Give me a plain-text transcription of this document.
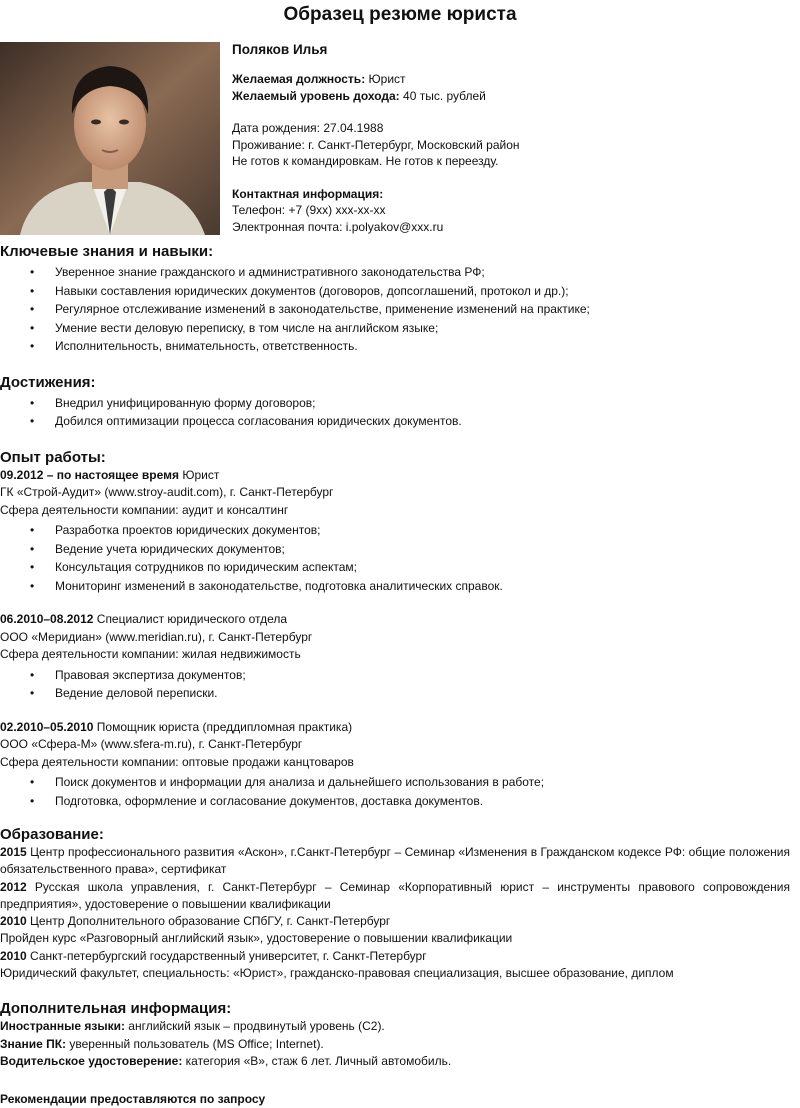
Образец резюме юриста
Поляков Илья
Желаемая должность: Юрист
Желаемый уровень дохода: 40 тыс. рублей
Дата рождения: 27.04.1988
Проживание: г. Санкт-Петербург, Московский район
Не готов к командировкам. Не готов к переезду.
Контактная информация:
Телефон: +7 (9xx) xxx-xx-xx
Электронная почта: i.polyakov@xxx.ru
Ключевые знания и навыки:
• Уверенное знание гражданского и административного законодательства РФ;
• Навыки составления юридических документов (договоров, допсоглашений, протокол и др.);
• Регулярное отслеживание изменений в законодательстве, применение изменений на практике;
• Умение вести деловую переписку, в том числе на английском языке;
• Исполнительность, внимательность, ответственность.
Достижения:
• Внедрил унифицированную форму договоров;
• Добился оптимизации процесса согласования юридических документов.
Опыт работы:
09.2012 – по настоящее время Юрист
ГК «Строй-Аудит» (www.stroy-audit.com), г. Санкт-Петербург
Сфера деятельности компании: аудит и консалтинг
• Разработка проектов юридических документов;
• Ведение учета юридических документов;
• Консультация сотрудников по юридическим аспектам;
• Мониторинг изменений в законодательстве, подготовка аналитических справок.
06.2010–08.2012 Специалист юридического отдела
ООО «Меридиан» (www.meridian.ru), г. Санкт-Петербург
Сфера деятельности компании: жилая недвижимость
• Правовая экспертиза документов;
• Ведение деловой переписки.
02.2010–05.2010 Помощник юриста (преддипломная практика)
ООО «Сфера-М» (www.sfera-m.ru), г. Санкт-Петербург
Сфера деятельности компании: оптовые продажи канцтоваров
• Поиск документов и информации для анализа и дальнейшего использования в работе;
• Подготовка, оформление и согласование документов, доставка документов.
Образование:
2015 Центр профессионального развития «Аскон», г.Санкт-Петербург – Семинар «Изменения в Гражданском кодексе РФ: общие положения обязательственного права», сертификат
2012 Русская школа управления, г. Санкт-Петербург – Семинар «Корпоративный юрист – инструменты правового сопровождения предприятия», удостоверение о повышении квалификации
2010 Центр Дополнительного образование СПбГУ, г. Санкт-Петербург
Пройден курс «Разговорный английский язык», удостоверение о повышении квалификации
2010 Санкт-петербургский государственный университет, г. Санкт-Петербург
Юридический факультет, специальность: «Юрист», гражданско-правовая специализация, высшее образование, диплом
Дополнительная информация:
Иностранные языки: английский язык – продвинутый уровень (C2).
Знание ПК: уверенный пользователь (MS Office; Internet).
Водительское удостоверение: категория «В», стаж 6 лет. Личный автомобиль.
Рекомендации предоставляются по запросу
